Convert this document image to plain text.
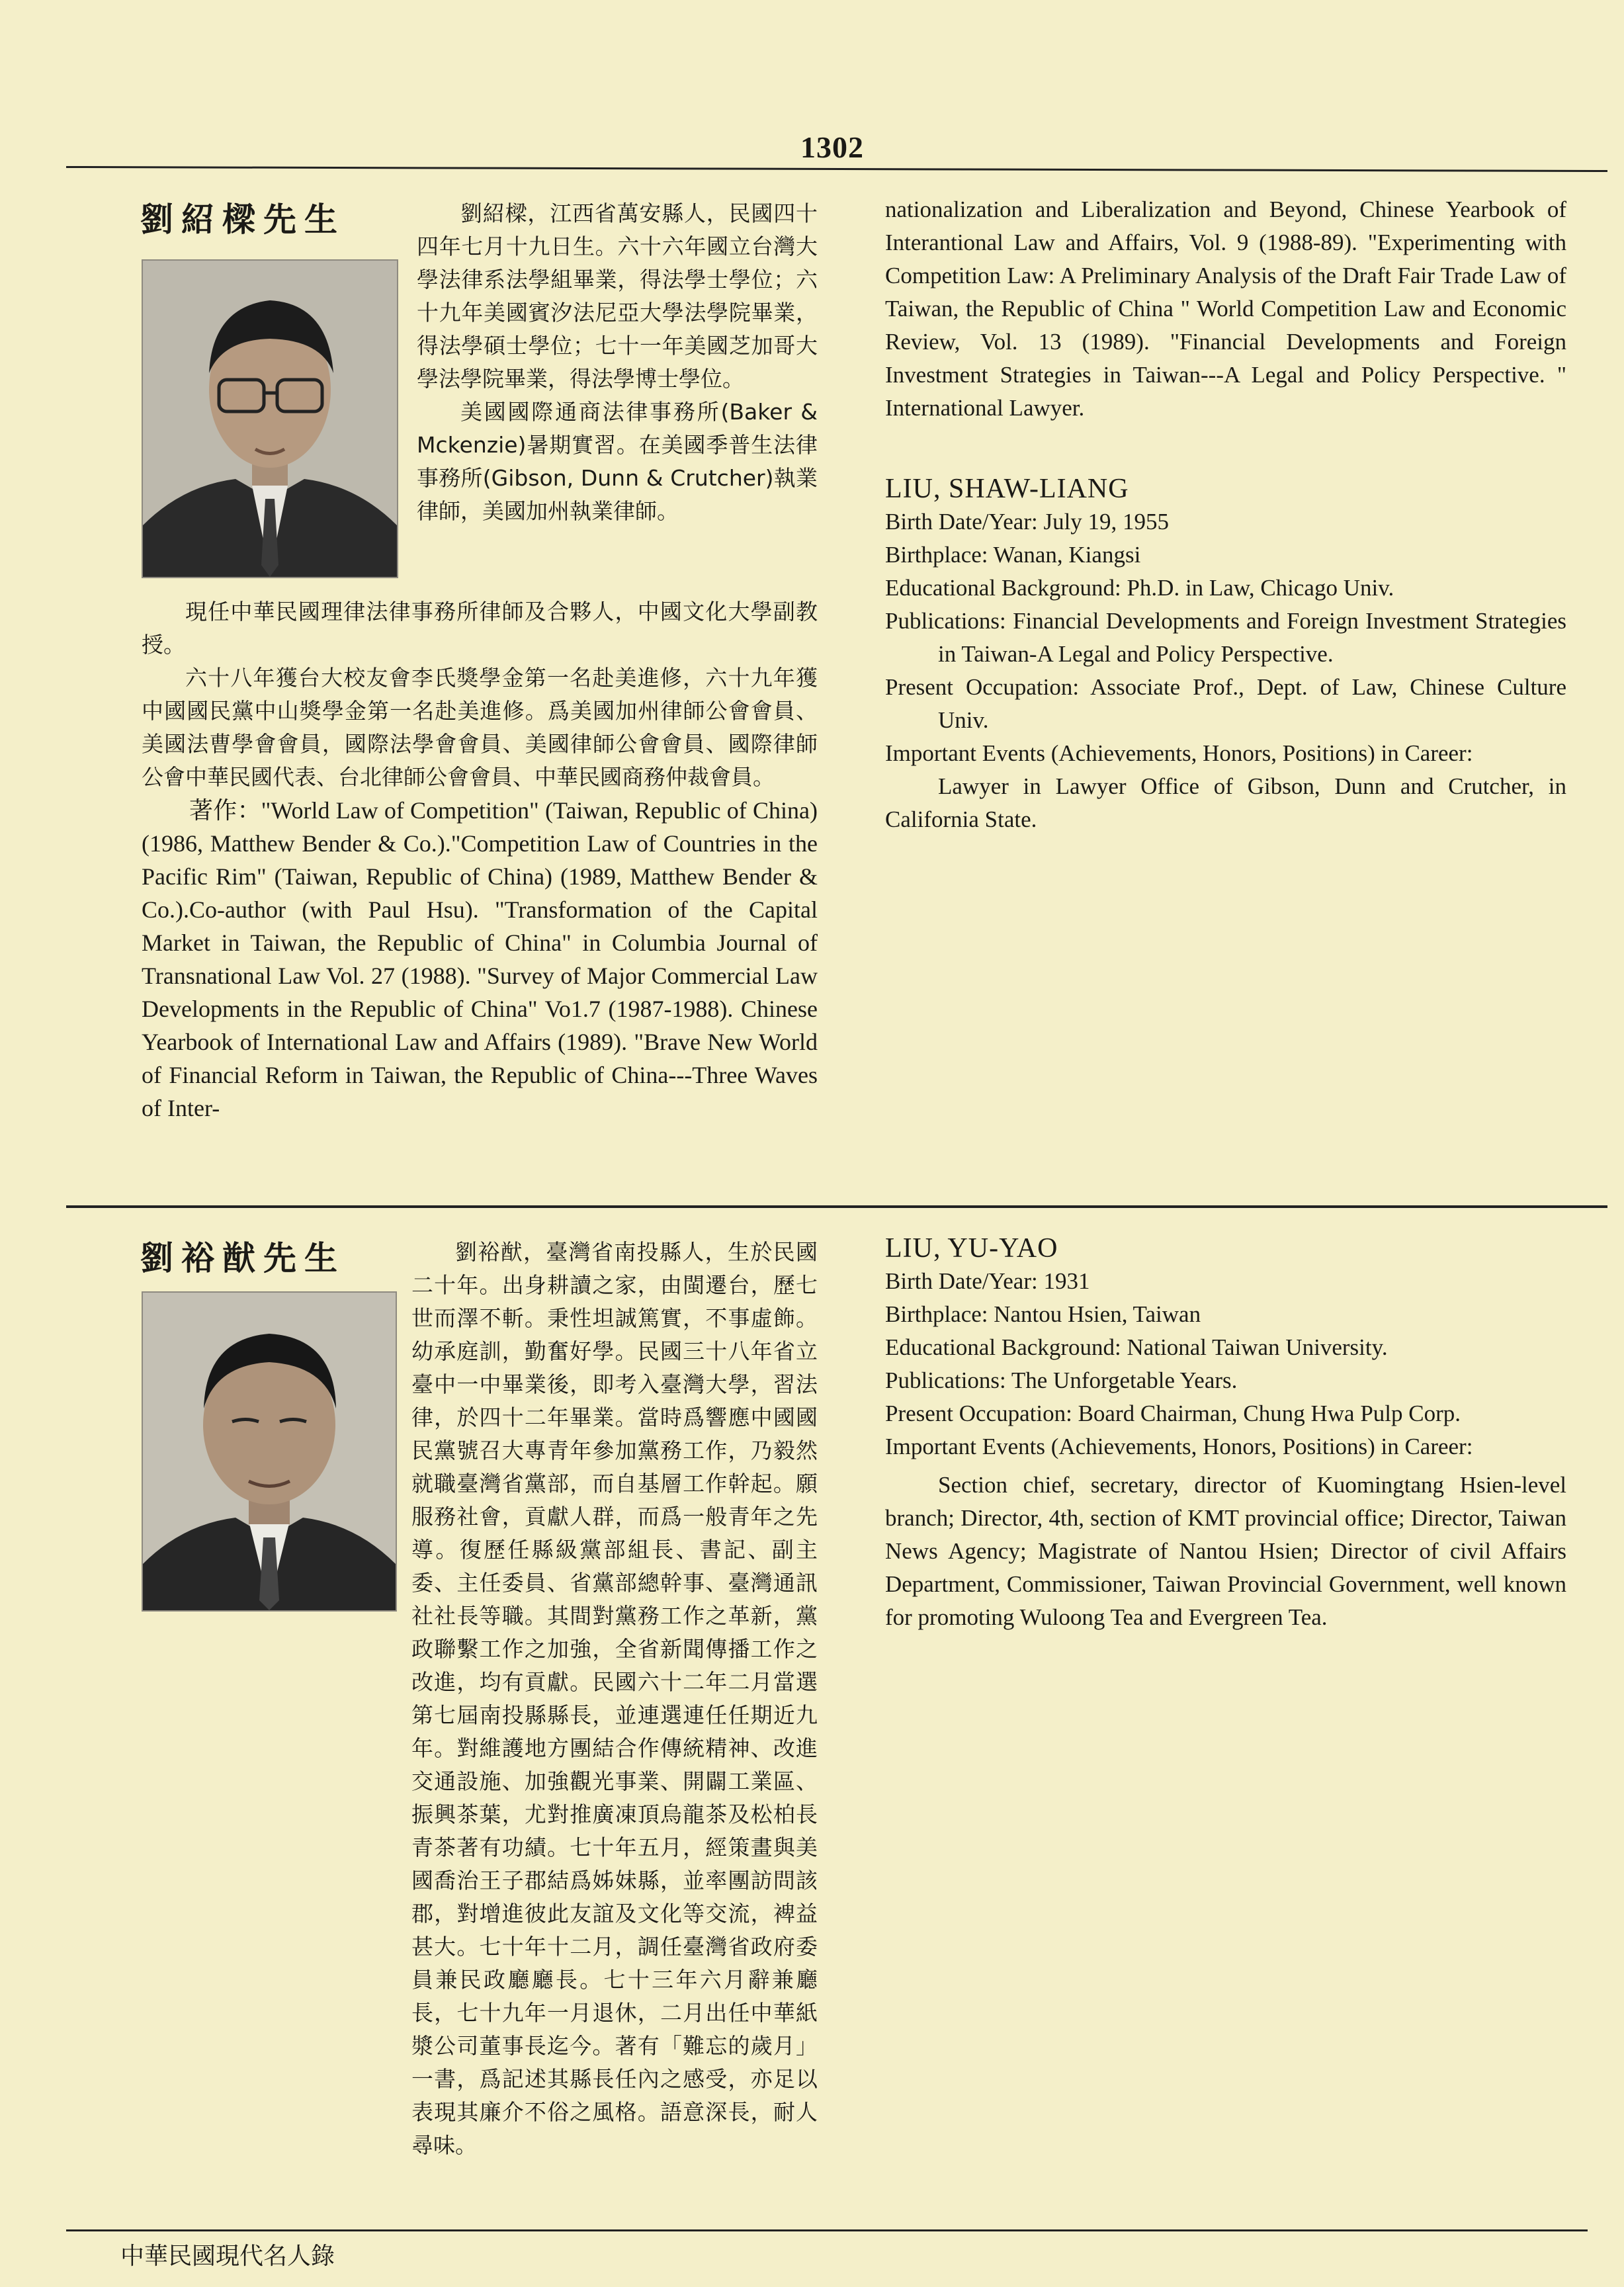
1302
劉紹樑先生	劉紹樑，江西省萬安縣人，民國四十四年七月十九日生。六十六年國立台灣大學法律系法學組畢業，得法學士學位；六十九年美國賓汐法尼亞大學法學院畢業，得法學碩士學位；七十一年美國芝加哥大學法學院畢業，得法學博士學位。

美國國際通商法律事務所(Baker & Mckenzie)暑期實習。在美國季普生法律事務所(Gibson, Dunn & Crutcher)執業律師，美國加州執業律師。

現任中華民國理律法律事務所律師及合夥人，中國文化大學副教授。

六十八年獲台大校友會李氏獎學金第一名赴美進修，六十九年獲中國國民黨中山獎學金第一名赴美進修。爲美國加州律師公會會員、美國法曹學會會員，國際法學會會員、美國律師公會會員、國際律師公會中華民國代表、台北律師公會會員、中華民國商務仲裁會員。

著作："World Law of Competition" (Taiwan, Republic of China) (1986, Matthew Bender & Co.)."Competition Law of Countries in the Pacific Rim" (Taiwan, Republic of China) (1989, Matthew Bender & Co.).Co-author (with Paul Hsu). "Transformation of the Capital Market in Taiwan, the Republic of China" in Columbia Journal of Transnational Law Vol. 27 (1988). "Survey of Major Commercial Law Developments in the Republic of China" Vo1.7 (1987-1988). Chinese Yearbook of International Law and Affairs (1989). "Brave New World of Financial Reform in Taiwan, the Republic of China---Three Waves of Inter-

nationalization and Liberalization and Beyond, Chinese Yearbook of Interantional Law and Affairs, Vol. 9 (1988-89). "Experimenting with Competition Law: A Preliminary Analysis of the Draft Fair Trade Law of Taiwan, the Republic of China " World Competition Law and Economic Review, Vol. 13 (1989). "Financial Developments and Foreign Investment Strategies in Taiwan---A Legal and Policy Perspective. " International Lawyer.

LIU, SHAW-LIANG

Birth Date/Year: July 19, 1955

Birthplace: Wanan, Kiangsi

Educational Background: Ph.D. in Law, Chicago Univ.

Publications: Financial Developments and Foreign Investment Strategies in Taiwan-A Legal and Policy Perspective.

Present Occupation: Associate Prof., Dept. of Law, Chinese Culture Univ.

Important Events (Achievements, Honors, Positions) in Career:

Lawyer in Lawyer Office of Gibson, Dunn and Crutcher, in California State.

劉裕猷先生	劉裕猷，臺灣省南投縣人，生於民國二十年。出身耕讀之家，由閩遷台，歷七世而澤不斬。秉性坦誠篤實，不事虛飾。幼承庭訓，勤奮好學。民國三十八年省立臺中一中畢業後，即考入臺灣大學，習法律，於四十二年畢業。當時爲響應中國國民黨號召大專青年參加黨務工作，乃毅然就職臺灣省黨部，而自基層工作幹起。願服務社會，貢獻人群，而爲一般青年之先導。復歷任縣級黨部組長、書記、副主委、主任委員、省黨部總幹事、臺灣通訊社社長等職。其間對黨務工作之革新，黨政聯繫工作之加強，全省新聞傳播工作之改進，均有貢獻。民國六十二年二月當選第七屆南投縣縣長，並連選連任任期近九年。對維護地方團結合作傳統精神、改進交通設施、加強觀光事業、開闢工業區、振興茶葉，尤對推廣凍頂烏龍茶及松柏長青茶著有功績。七十年五月，經策畫與美國喬治王子郡結爲姊妹縣，並率團訪問該郡，對增進彼此友誼及文化等交流，裨益甚大。七十年十二月，調任臺灣省政府委員兼民政廳廳長。七十三年六月辭兼廳長，七十九年一月退休，二月出任中華紙漿公司董事長迄今。著有「難忘的歲月」一書，爲記述其縣長任內之感受，亦足以表現其廉介不俗之風格。語意深長，耐人尋味。

LIU, YU-YAO

Birth Date/Year: 1931

Birthplace: Nantou Hsien, Taiwan

Educational Background: National Taiwan University.

Publications: The Unforgetable Years.

Present Occupation: Board Chairman, Chung Hwa Pulp Corp.

Important Events (Achievements, Honors, Positions) in Career:

Section chief, secretary, director of Kuomingtang Hsien-level branch; Director, 4th, section of KMT provincial office; Director, Taiwan News Agency; Magistrate of Nantou Hsien; Director of civil Affairs Department, Commissioner, Taiwan Provincial Government, well known for promoting Wuloong Tea and Evergreen Tea.

中華民國現代名人錄
